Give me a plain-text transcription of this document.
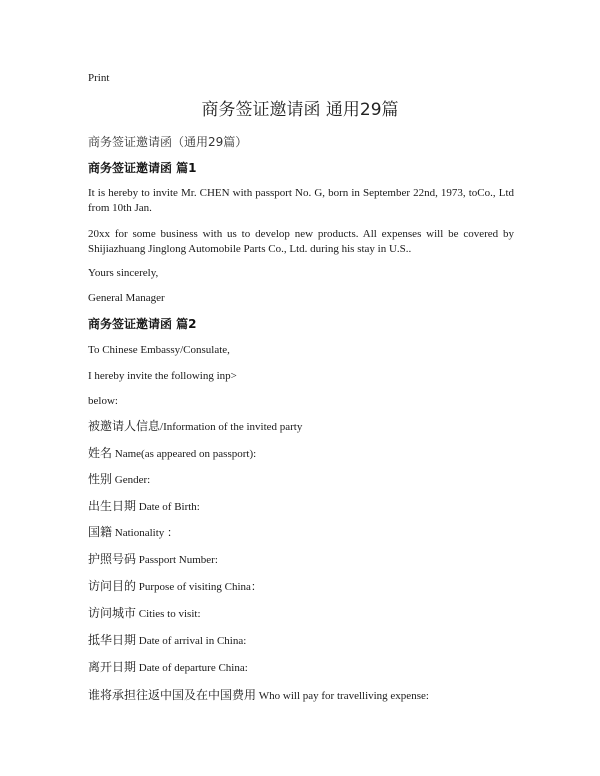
Print
商务签证邀请函 通用29篇
商务签证邀请函（通用29篇）
商务签证邀请函 篇1
It is hereby to invite Mr. CHEN with passport No. G, born in September 22nd, 1973, toCo., Ltd from 10th Jan.
20xx for some business with us to develop new products. All expenses will be covered by Shijiazhuang Jinglong Automobile Parts Co., Ltd. during his stay in U.S..
Yours sincerely,
General Manager
商务签证邀请函 篇2
To Chinese Embassy/Consulate,
I hereby invite the following inp>
below:
被邀请人信息/Information of the invited party
姓名 Name(as appeared on passport):
性别 Gender:
出生日期 Date of Birth:
国籍 Nationality ：
护照号码 Passport Number:
访问目的 Purpose of visiting China：
访问城市 Cities to visit:
抵华日期 Date of arrival in China:
离开日期 Date of departure China:
谁将承担往返中国及在中国费用 Who will pay for travelliving expense:
